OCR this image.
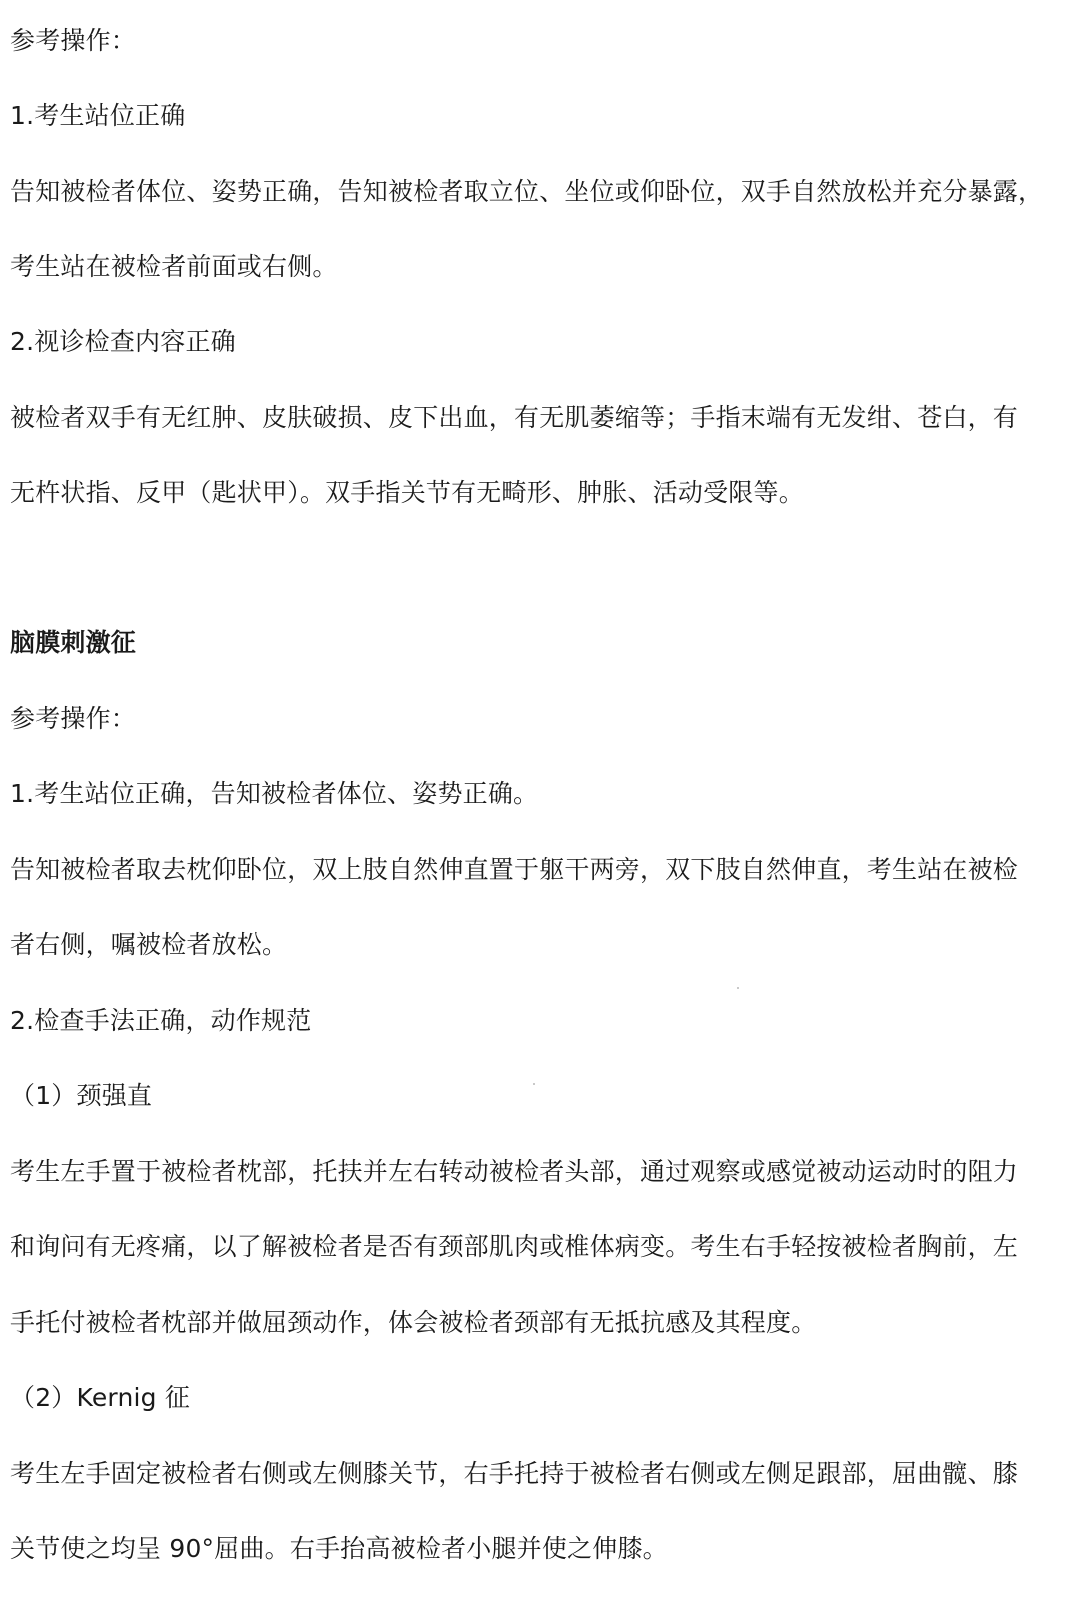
参考操作：
1.考生站位正确
告知被检者体位、姿势正确，告知被检者取立位、坐位或仰卧位，双手自然放松并充分暴露，
考生站在被检者前面或右侧。
2.视诊检查内容正确
被检者双手有无红肿、皮肤破损、皮下出血，有无肌萎缩等；手指末端有无发绀、苍白，有
无杵状指、反甲（匙状甲）。双手指关节有无畸形、肿胀、活动受限等。
脑膜刺激征
参考操作：
1.考生站位正确，告知被检者体位、姿势正确。
告知被检者取去枕仰卧位，双上肢自然伸直置于躯干两旁，双下肢自然伸直，考生站在被检
者右侧，嘱被检者放松。
2.检查手法正确，动作规范
（1）颈强直
考生左手置于被检者枕部，托扶并左右转动被检者头部，通过观察或感觉被动运动时的阻力
和询问有无疼痛，以了解被检者是否有颈部肌肉或椎体病变。考生右手轻按被检者胸前，左
手托付被检者枕部并做屈颈动作，体会被检者颈部有无抵抗感及其程度。
（2）Kernig 征
考生左手固定被检者右侧或左侧膝关节，右手托持于被检者右侧或左侧足跟部，屈曲髋、膝
关节使之均呈 90°屈曲。右手抬高被检者小腿并使之伸膝。
